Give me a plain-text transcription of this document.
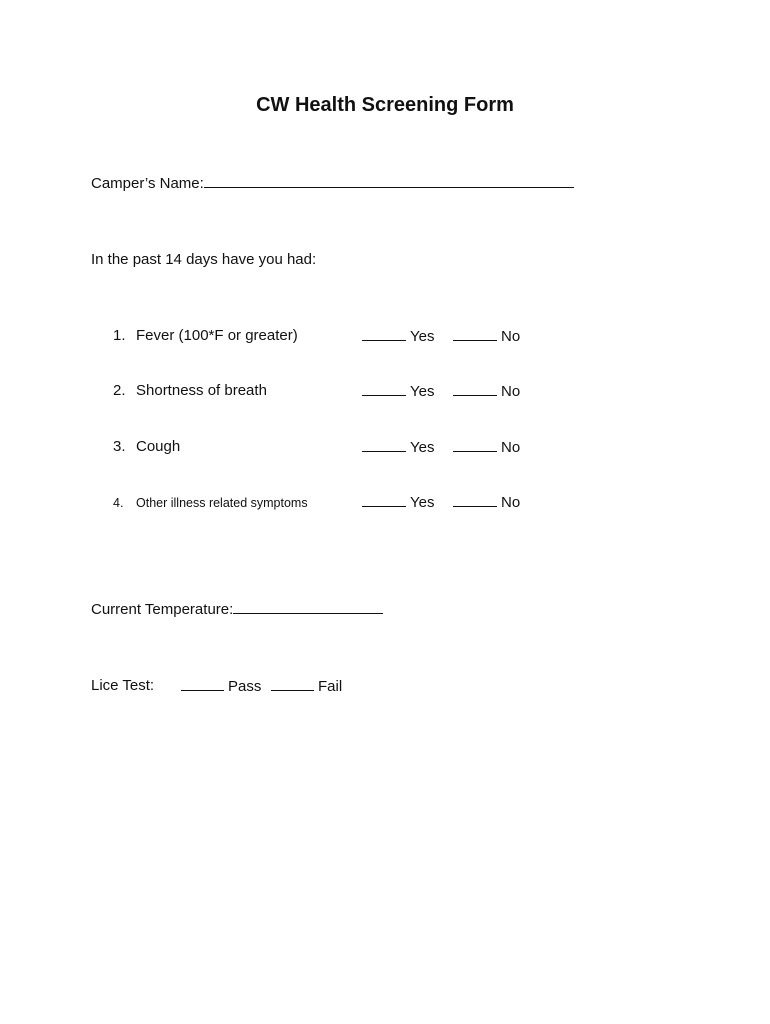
CW Health Screening Form
Camper’s Name:
In the past 14 days have you had:
1. Fever (100*F or greater)	Yes	No
2. Shortness of breath	Yes	No
3. Cough	Yes	No
4. Other illness related symptoms	Yes	No
Current Temperature:
Lice Test:	Pass	Fail
